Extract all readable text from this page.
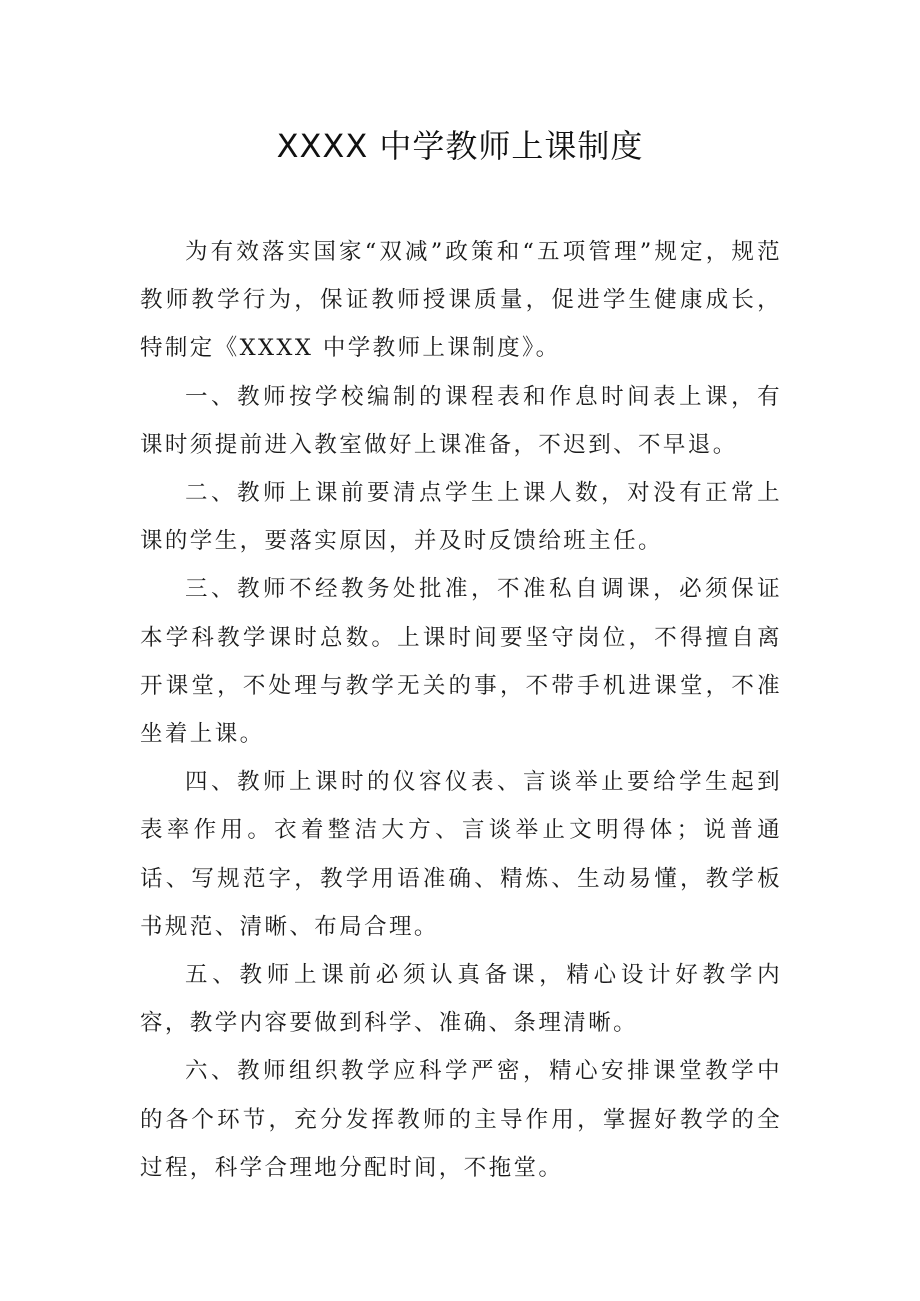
XXXX 中学教师上课制度

为有效落实国家“双减”政策和“五项管理”规定，规范教师教学行为，保证教师授课质量，促进学生健康成长，特制定《XXXX 中学教师上课制度》。

一、教师按学校编制的课程表和作息时间表上课，有课时须提前进入教室做好上课准备，不迟到、不早退。

二、教师上课前要清点学生上课人数，对没有正常上课的学生，要落实原因，并及时反馈给班主任。

三、教师不经教务处批准，不准私自调课，必须保证本学科教学课时总数。上课时间要坚守岗位，不得擅自离开课堂，不处理与教学无关的事，不带手机进课堂，不准坐着上课。

四、教师上课时的仪容仪表、言谈举止要给学生起到表率作用。衣着整洁大方、言谈举止文明得体；说普通话、写规范字，教学用语准确、精炼、生动易懂，教学板书规范、清晰、布局合理。

五、教师上课前必须认真备课，精心设计好教学内容，教学内容要做到科学、准确、条理清晰。

六、教师组织教学应科学严密，精心安排课堂教学中的各个环节，充分发挥教师的主导作用，掌握好教学的全过程，科学合理地分配时间，不拖堂。
